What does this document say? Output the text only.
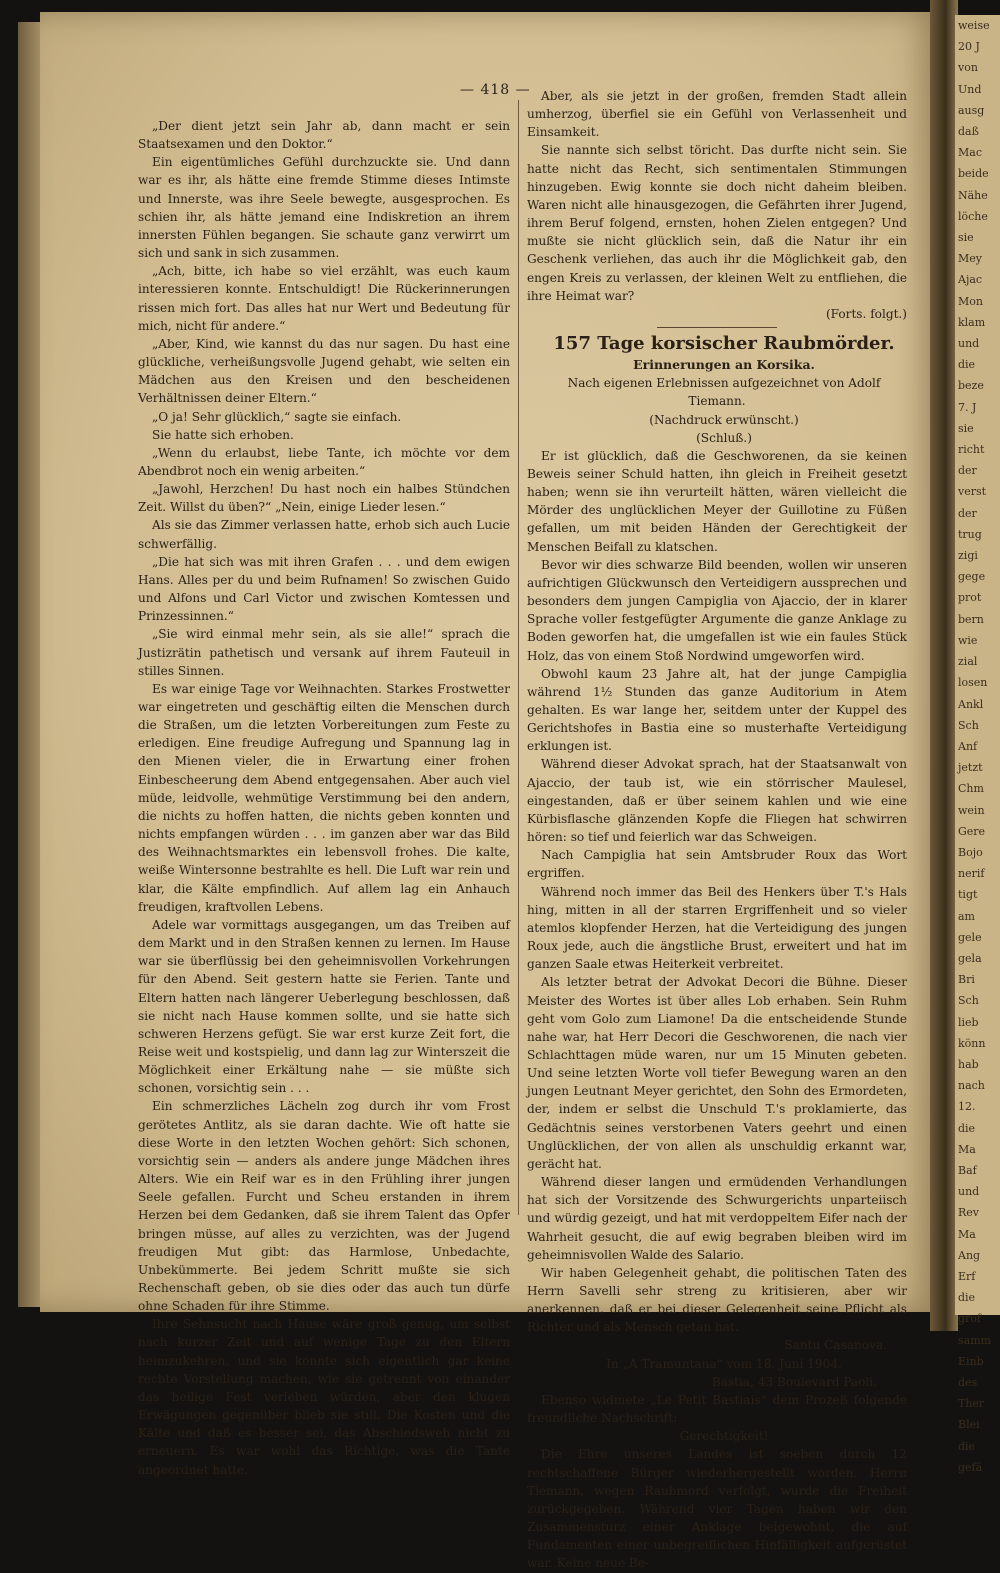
weise
20 J
von
Und
ausg
daß
Mac
beide
Nähe
löche
sie
Mey
Ajac
Mon
klam
und
die
beze
7. J
sie
richt
der
verst
der
trug
zigi
gege
prot
bern
wie
zial
losen
Ankl
Sch
Anf
jetzt
Chm
wein
Gere
Bojo
nerif
tigt
am
gele
gela
Bri
Sch
lieb
könn
hab
nach
12.
die
Ma
Baf
und
Rev
Ma
Ang
Erf
die
grof
samm
Einb
des
Ther
Blei
die
gefä
— 418 —

„Der dient jetzt sein Jahr ab, dann macht er sein Staatsexamen und den Doktor.“

Ein eigentümliches Gefühl durchzuckte sie. Und dann war es ihr, als hätte eine fremde Stimme dieses Intimste und Innerste, was ihre Seele bewegte, ausgesprochen. Es schien ihr, als hätte jemand eine Indiskretion an ihrem innersten Fühlen begangen. Sie schaute ganz verwirrt um sich und sank in sich zusammen.

„Ach, bitte, ich habe so viel erzählt, was euch kaum interessieren konnte. Entschuldigt! Die Rückerinnerungen rissen mich fort. Das alles hat nur Wert und Bedeutung für mich, nicht für andere.“

„Aber, Kind, wie kannst du das nur sagen. Du hast eine glückliche, verheißungsvolle Jugend gehabt, wie selten ein Mädchen aus den Kreisen und den bescheidenen Verhältnissen deiner Eltern.“

„O ja! Sehr glücklich,“ sagte sie einfach.

Sie hatte sich erhoben.

„Wenn du erlaubst, liebe Tante, ich möchte vor dem Abendbrot noch ein wenig arbeiten.“

„Jawohl, Herzchen! Du hast noch ein halbes Stündchen Zeit. Willst du üben?“ „Nein, einige Lieder lesen.“

Als sie das Zimmer verlassen hatte, erhob sich auch Lucie schwerfällig.

„Die hat sich was mit ihren Grafen . . . und dem ewigen Hans. Alles per du und beim Rufnamen! So zwischen Guido und Alfons und Carl Victor und zwischen Komtessen und Prinzessinnen.“

„Sie wird einmal mehr sein, als sie alle!“ sprach die Justizrätin pathetisch und versank auf ihrem Fauteuil in stilles Sinnen.

Es war einige Tage vor Weihnachten. Starkes Frostwetter war eingetreten und geschäftig eilten die Menschen durch die Straßen, um die letzten Vorbereitungen zum Feste zu erledigen. Eine freudige Aufregung und Spannung lag in den Mienen vieler, die in Erwartung einer frohen Einbescheerung dem Abend entgegensahen. Aber auch viel müde, leidvolle, wehmütige Verstimmung bei den andern, die nichts zu hoffen hatten, die nichts geben konnten und nichts empfangen würden . . . im ganzen aber war das Bild des Weihnachtsmarktes ein lebensvoll frohes. Die kalte, weiße Wintersonne bestrahlte es hell. Die Luft war rein und klar, die Kälte empfindlich. Auf allem lag ein Anhauch freudigen, kraftvollen Lebens.

Adele war vormittags ausgegangen, um das Treiben auf dem Markt und in den Straßen kennen zu lernen. Im Hause war sie überflüssig bei den geheimnisvollen Vorkehrungen für den Abend. Seit gestern hatte sie Ferien. Tante und Eltern hatten nach längerer Ueberlegung beschlossen, daß sie nicht nach Hause kommen sollte, und sie hatte sich schweren Herzens gefügt. Sie war erst kurze Zeit fort, die Reise weit und kostspielig, und dann lag zur Winterszeit die Möglichkeit einer Erkältung nahe — sie müßte sich schonen, vorsichtig sein . . .

Ein schmerzliches Lächeln zog durch ihr vom Frost gerötetes Antlitz, als sie daran dachte. Wie oft hatte sie diese Worte in den letzten Wochen gehört: Sich schonen, vorsichtig sein — anders als andere junge Mädchen ihres Alters. Wie ein Reif war es in den Frühling ihrer jungen Seele gefallen. Furcht und Scheu erstanden in ihrem Herzen bei dem Gedanken, daß sie ihrem Talent das Opfer bringen müsse, auf alles zu verzichten, was der Jugend freudigen Mut gibt: das Harmlose, Unbedachte, Unbekümmerte. Bei jedem Schritt mußte sie sich Rechenschaft geben, ob sie dies oder das auch tun dürfe ohne Schaden für ihre Stimme.

Ihre Sehnsucht nach Hause wäre groß genug, um selbst nach kurzer Zeit und auf wenige Tage zu den Eltern heimzukehren, und sie konnte sich eigentlich gar keine rechte Vorstellung machen, wie sie getrennt von einander das heilige Fest verleben würden, aber den klugen Erwägungen gegenüber blieb sie still. Die Kosten und die Kälte und daß es besser sei, das Abschiedsweh nicht zu erneuern. Es war wohl das Richtige, was die Tante angeordnet hatte.

Aber, als sie jetzt in der großen, fremden Stadt allein umherzog, überfiel sie ein Gefühl von Verlassenheit und Einsamkeit.

Sie nannte sich selbst töricht. Das durfte nicht sein. Sie hatte nicht das Recht, sich sentimentalen Stimmungen hinzugeben. Ewig konnte sie doch nicht daheim bleiben. Waren nicht alle hinausgezogen, die Gefährten ihrer Jugend, ihrem Beruf folgend, ernsten, hohen Zielen entgegen? Und mußte sie nicht glücklich sein, daß die Natur ihr ein Geschenk verliehen, das auch ihr die Möglichkeit gab, den engen Kreis zu verlassen, der kleinen Welt zu entfliehen, die ihre Heimat war?

(Forts. folgt.)

157 Tage korsischer Raubmörder.

Erinnerungen an Korsika.

Nach eigenen Erlebnissen aufgezeichnet von Adolf Tiemann.

(Nachdruck erwünscht.)

(Schluß.)

Er ist glücklich, daß die Geschworenen, da sie keinen Beweis seiner Schuld hatten, ihn gleich in Freiheit gesetzt haben; wenn sie ihn verurteilt hätten, wären vielleicht die Mörder des unglücklichen Meyer der Guillotine zu Füßen gefallen, um mit beiden Händen der Gerechtigkeit der Menschen Beifall zu klatschen.

Bevor wir dies schwarze Bild beenden, wollen wir unseren aufrichtigen Glückwunsch den Verteidigern aussprechen und besonders dem jungen Campiglia von Ajaccio, der in klarer Sprache voller festgefügter Argumente die ganze Anklage zu Boden geworfen hat, die umgefallen ist wie ein faules Stück Holz, das von einem Stoß Nordwind umgeworfen wird.

Obwohl kaum 23 Jahre alt, hat der junge Campiglia während 1½ Stunden das ganze Auditorium in Atem gehalten. Es war lange her, seitdem unter der Kuppel des Gerichtshofes in Bastia eine so musterhafte Verteidigung erklungen ist.

Während dieser Advokat sprach, hat der Staatsanwalt von Ajaccio, der taub ist, wie ein störrischer Maulesel, eingestanden, daß er über seinem kahlen und wie eine Kürbisflasche glänzenden Kopfe die Fliegen hat schwirren hören: so tief und feierlich war das Schweigen.

Nach Campiglia hat sein Amtsbruder Roux das Wort ergriffen.

Während noch immer das Beil des Henkers über T.'s Hals hing, mitten in all der starren Ergriffenheit und so vieler atemlos klopfender Herzen, hat die Verteidigung des jungen Roux jede, auch die ängstliche Brust, erweitert und hat im ganzen Saale etwas Heiterkeit verbreitet.

Als letzter betrat der Advokat Decori die Bühne. Dieser Meister des Wortes ist über alles Lob erhaben. Sein Ruhm geht vom Golo zum Liamone! Da die entscheidende Stunde nahe war, hat Herr Decori die Geschworenen, die nach vier Schlachttagen müde waren, nur um 15 Minuten gebeten. Und seine letzten Worte voll tiefer Bewegung waren an den jungen Leutnant Meyer gerichtet, den Sohn des Ermordeten, der, indem er selbst die Unschuld T.'s proklamierte, das Gedächtnis seines verstorbenen Vaters geehrt und einen Unglücklichen, der von allen als unschuldig erkannt war, gerächt hat.

Während dieser langen und ermüdenden Verhandlungen hat sich der Vorsitzende des Schwurgerichts unparteiisch und würdig gezeigt, und hat mit verdoppeltem Eifer nach der Wahrheit gesucht, die auf ewig begraben bleiben wird im geheimnisvollen Walde des Salario.

Wir haben Gelegenheit gehabt, die politischen Taten des Herrn Savelli sehr streng zu kritisieren, aber wir anerkennen, daß er bei dieser Gelegenheit seine Pflicht als Richter und als Mensch getan hat.

Santu Casanova.

In „A Tramuntana“ vom 18. Juni 1904.

Bastia, 43 Boulevard Paoli.

Ebenso widmete „Le Petit Bastiais“ dem Prozeß folgende freundliche Nachschrift:

Gerechtigkeit!

Die Ehre unseres Landes ist soeben durch 12 rechtschaffene Bürger wiederhergestellt worden. Herrn Tiemann, wegen Raubmord verfolgt, wurde die Freiheit zurückgegeben. Während vier Tagen haben wir den Zusammensturz einer Anklage beigewohnt, die auf Fundamenten einer unbegreiflichen Hinfälligkeit aufgerüstet war. Keine neue Be-
